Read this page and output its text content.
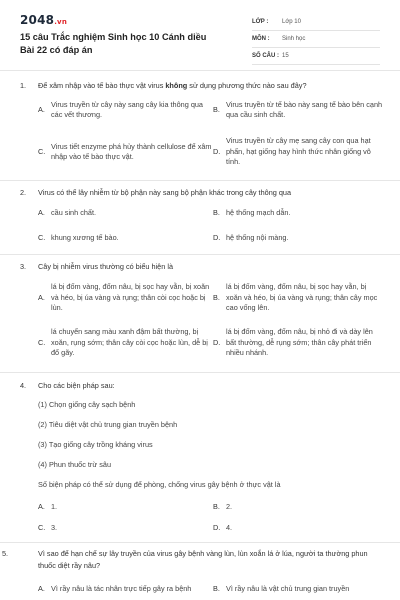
2048.vn
15 câu Trắc nghiệm Sinh học 10 Cánh diều Bài 22 có đáp án
LỚP :	Lớp 10
MÔN :	Sinh học
SỐ CÂU : 15
1. Để xâm nhập vào tế bào thực vật virus không sử dụng phương thức nào sau đây?
A.
Virus truyền từ cây này sang cây kia thông qua các vết thương.
B.
Virus truyền từ tế bào này sang tế bào bên cạnh qua cầu sinh chất.
C.
Virus tiết enzyme phá hủy thành cellulose để xâm nhập vào tế bào thực vật.
D.
Virus truyền từ cây mẹ sang cây con qua hạt phấn, hạt giống hay hình thức nhân giống vô tính.
2. Virus có thể lây nhiễm từ bộ phận này sang bộ phận khác trong cây thông qua
A. cầu sinh chất.	B. hệ thống mạch dẫn.
C. khung xương tế bào.	D. hệ thống nội màng.
3. Cây bị nhiễm virus thường có biểu hiện là
A.
lá bị đốm vàng, đốm nâu, bị sọc hay vằn, bị xoăn và héo, bị úa vàng và rụng; thân còi cọc hoặc bị lùn.
B.
lá bị đốm vàng, đốm nâu, bị sọc hay vằn, bị xoăn và héo, bị úa vàng và rụng; thân cây mọc cao vống lên.
C.
lá chuyển sang màu xanh đậm bất thường, bị xoăn, rụng sớm; thân cây còi cọc hoặc lùn, dễ bị đổ gãy.
D.
lá bị đốm vàng, đốm nâu, bị nhỏ đi và dày lên bất thường, dễ rụng sớm; thân cây phát triển nhiều nhánh.
4. Cho các biện pháp sau:
(1) Chọn giống cây sạch bệnh
(2) Tiêu diệt vật chủ trung gian truyền bệnh
(3) Tạo giống cây trồng kháng virus
(4) Phun thuốc trừ sâu
Số biện pháp có thể sử dụng để phòng, chống virus gây bệnh ở thực vật là
A. 1.	B. 2.
C. 3.	D. 4.
5.	Vì sao để hạn chế sự lây truyền của virus gây bệnh vàng lùn, lùn xoắn lá ở lúa, người ta thường phun thuốc diệt rầy nâu?
A. Vì rầy nâu là tác nhân trực tiếp gây ra bệnh	B. Vì rầy nâu là vật chủ trung gian truyền
